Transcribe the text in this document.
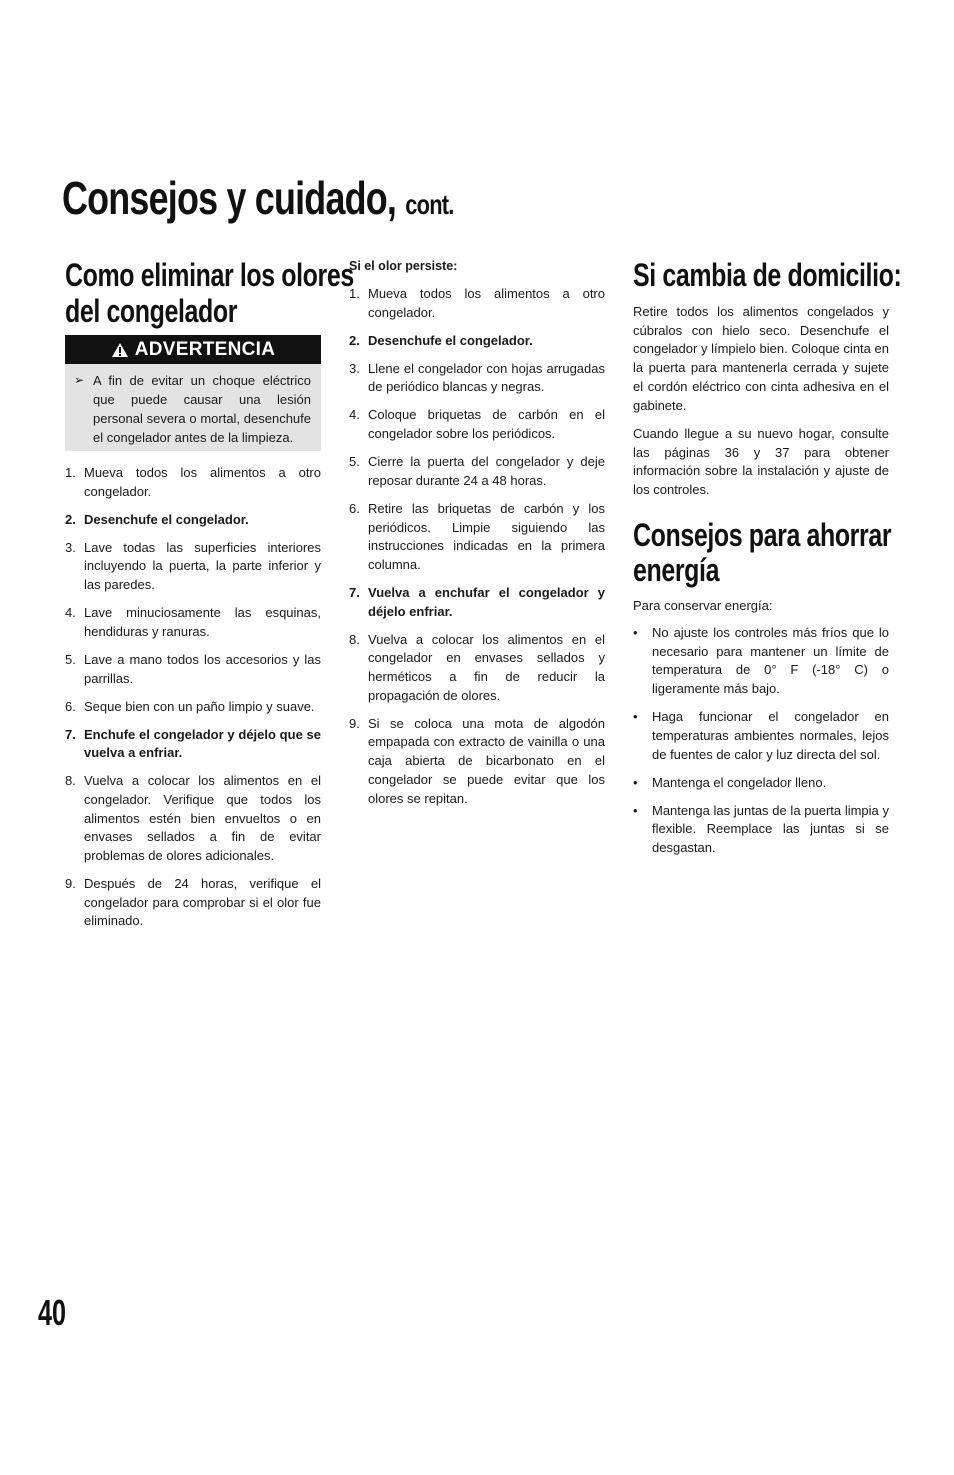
Consejos y cuidado, cont.
Como eliminar los olores
del congelador
ADVERTENCIA
➢ A fin de evitar un choque eléctrico que puede causar una lesión personal severa o mortal, desenchufe el congelador antes de la limpieza.
1. Mueva todos los alimentos a otro congelador.
2. Desenchufe el congelador.
3. Lave todas las superficies interiores incluyendo la puerta, la parte inferior y las paredes.
4. Lave minuciosamente las esquinas, hendiduras y ranuras.
5. Lave a mano todos los accesorios y las parrillas.
6. Seque bien con un paño limpio y suave.
7. Enchufe el congelador y déjelo que se vuelva a enfriar.
8. Vuelva a colocar los alimentos en el congelador. Verifique que todos los alimentos estén bien envueltos o en envases sellados a fin de evitar problemas de olores adicionales.
9. Después de 24 horas, verifique el congelador para comprobar si el olor fue eliminado.

Si el olor persiste:

1. Mueva todos los alimentos a otro congelador.
2. Desenchufe el congelador.
3. Llene el congelador con hojas arrugadas de periódico blancas y negras.
4. Coloque briquetas de carbón en el congelador sobre los periódicos.
5. Cierre la puerta del congelador y deje reposar durante 24 a 48 horas.
6. Retire las briquetas de carbón y los periódicos. Limpie siguiendo las instrucciones indicadas en la primera columna.
7. Vuelva a enchufar el congelador y déjelo enfriar.
8. Vuelva a colocar los alimentos en el congelador en envases sellados y herméticos a fin de reducir la propagación de olores.
9. Si se coloca una mota de algodón empapada con extracto de vainilla o una caja abierta de bicarbonato en el congelador se puede evitar que los olores se repitan.
Si cambia de domicilio:

Retire todos los alimentos congelados y cúbralos con hielo seco. Desenchufe el congelador y límpielo bien. Coloque cinta en la puerta para mantenerla cerrada y sujete el cordón eléctrico con cinta adhesiva en el gabinete.

Cuando llegue a su nuevo hogar, consulte las páginas 36 y 37 para obtener información sobre la instalación y ajuste de los controles.

Consejos para ahorrar
energía

Para conservar energía:

• No ajuste los controles más fríos que lo necesario para mantener un límite de temperatura de 0° F (-18° C) o ligeramente más bajo.
• Haga funcionar el congelador en temperaturas ambientes normales, lejos de fuentes de calor y luz directa del sol.
• Mantenga el congelador lleno.
• Mantenga las juntas de la puerta limpia y flexible. Reemplace las juntas si se desgastan.

40
